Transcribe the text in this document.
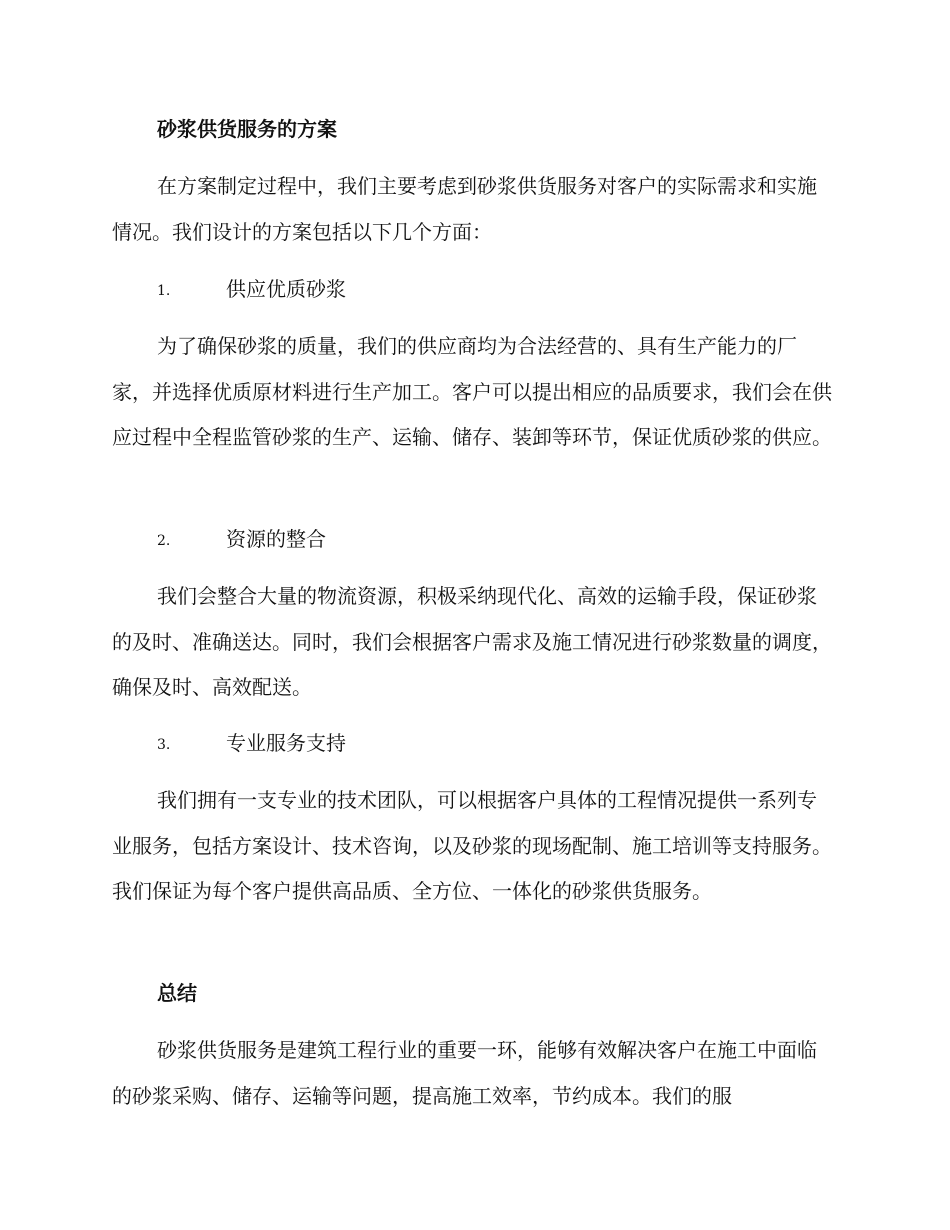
砂浆供货服务的方案

在方案制定过程中，我们主要考虑到砂浆供货服务对客户的实际需求和实施情况。我们设计的方案包括以下几个方面：

1.	供应优质砂浆

为了确保砂浆的质量，我们的供应商均为合法经营的、具有生产能力的厂家，并选择优质原材料进行生产加工。客户可以提出相应的品质要求，我们会在供应过程中全程监管砂浆的生产、运输、储存、装卸等环节，保证优质砂浆的供应。

2.	资源的整合

我们会整合大量的物流资源，积极采纳现代化、高效的运输手段，保证砂浆的及时、准确送达。同时，我们会根据客户需求及施工情况进行砂浆数量的调度，确保及时、高效配送。

3.	专业服务支持

我们拥有一支专业的技术团队，可以根据客户具体的工程情况提供一系列专业服务，包括方案设计、技术咨询，以及砂浆的现场配制、施工培训等支持服务。我们保证为每个客户提供高品质、全方位、一体化的砂浆供货服务。

总结

砂浆供货服务是建筑工程行业的重要一环，能够有效解决客户在施工中面临的砂浆采购、储存、运输等问题，提高施工效率，节约成本。我们的服
